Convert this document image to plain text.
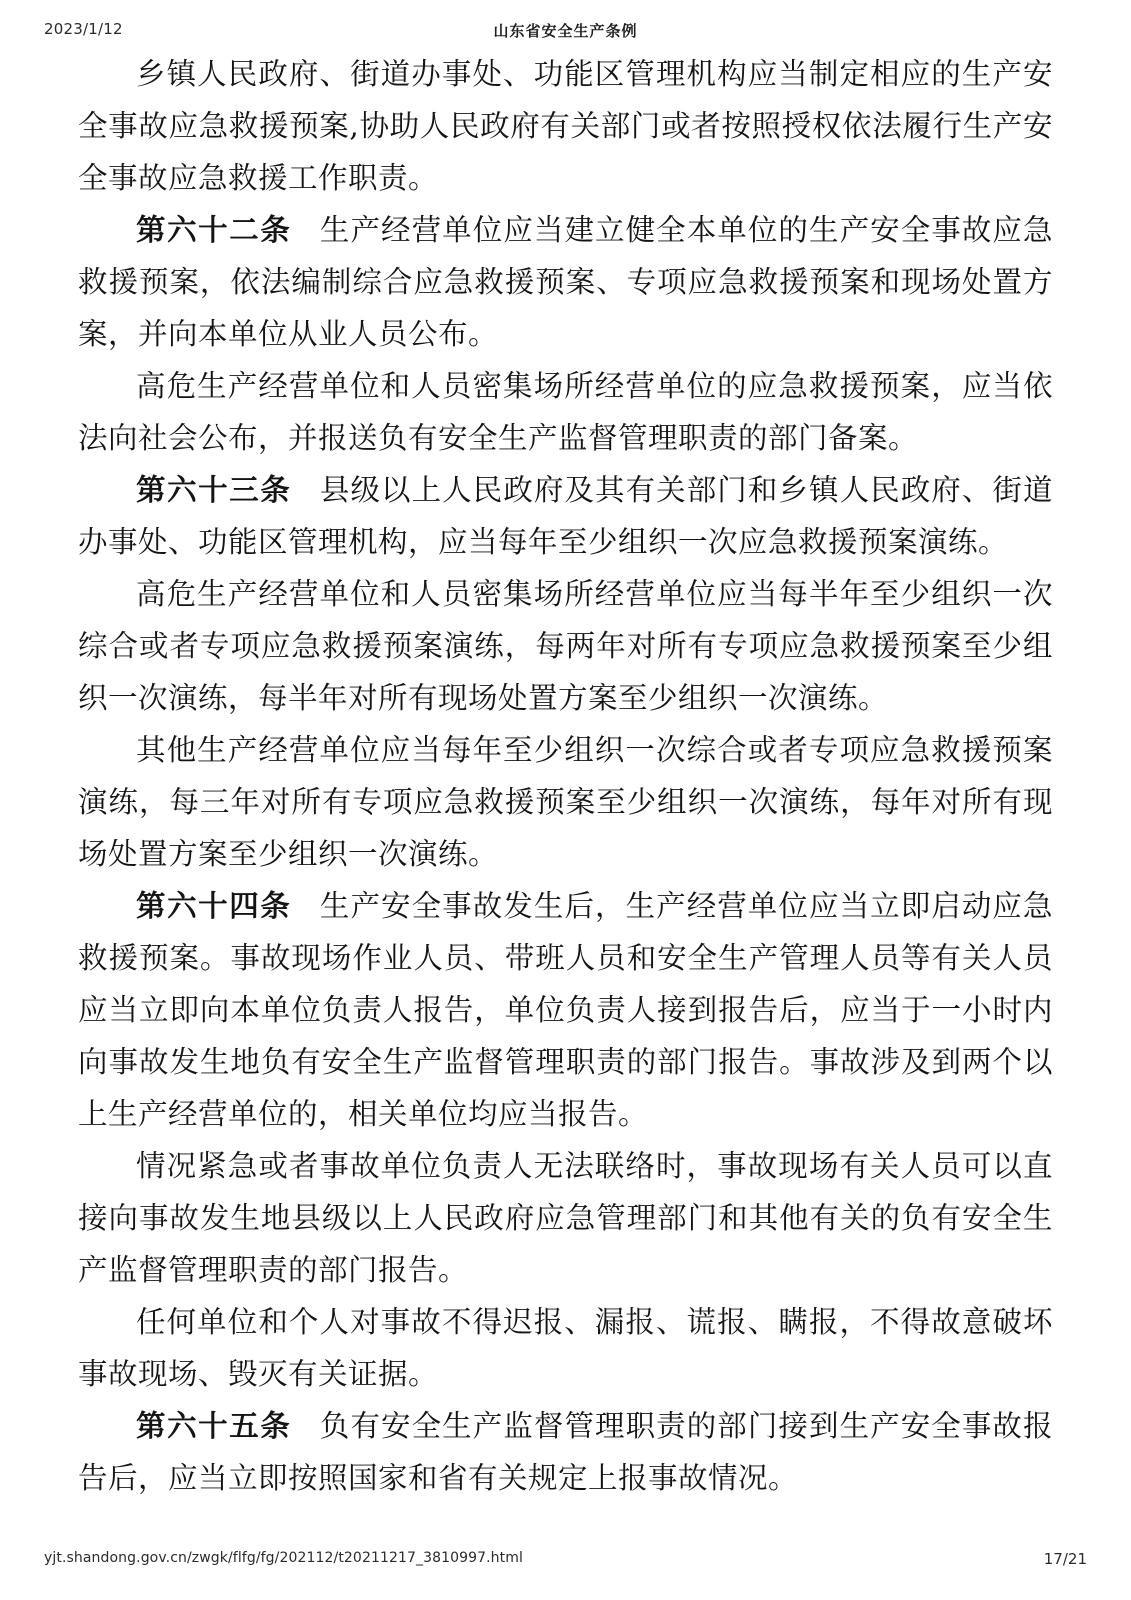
2023/1/12	山东省安全生产条例
乡镇人民政府、街道办事处、功能区管理机构应当制定相应的生产安全事故应急救援预案,协助人民政府有关部门或者按照授权依法履行生产安全事故应急救援工作职责。
第六十二条 生产经营单位应当建立健全本单位的生产安全事故应急救援预案，依法编制综合应急救援预案、专项应急救援预案和现场处置方案，并向本单位从业人员公布。
高危生产经营单位和人员密集场所经营单位的应急救援预案，应当依法向社会公布，并报送负有安全生产监督管理职责的部门备案。
第六十三条 县级以上人民政府及其有关部门和乡镇人民政府、街道办事处、功能区管理机构，应当每年至少组织一次应急救援预案演练。
高危生产经营单位和人员密集场所经营单位应当每半年至少组织一次综合或者专项应急救援预案演练，每两年对所有专项应急救援预案至少组织一次演练，每半年对所有现场处置方案至少组织一次演练。
其他生产经营单位应当每年至少组织一次综合或者专项应急救援预案演练，每三年对所有专项应急救援预案至少组织一次演练，每年对所有现场处置方案至少组织一次演练。
第六十四条 生产安全事故发生后，生产经营单位应当立即启动应急救援预案。事故现场作业人员、带班人员和安全生产管理人员等有关人员应当立即向本单位负责人报告，单位负责人接到报告后，应当于一小时内向事故发生地负有安全生产监督管理职责的部门报告。事故涉及到两个以上生产经营单位的，相关单位均应当报告。
情况紧急或者事故单位负责人无法联络时，事故现场有关人员可以直接向事故发生地县级以上人民政府应急管理部门和其他有关的负有安全生产监督管理职责的部门报告。
任何单位和个人对事故不得迟报、漏报、谎报、瞒报，不得故意破坏事故现场、毁灭有关证据。
第六十五条 负有安全生产监督管理职责的部门接到生产安全事故报告后，应当立即按照国家和省有关规定上报事故情况。
yjt.shandong.gov.cn/zwgk/flfg/fg/202112/t20211217_3810997.html	17/21
